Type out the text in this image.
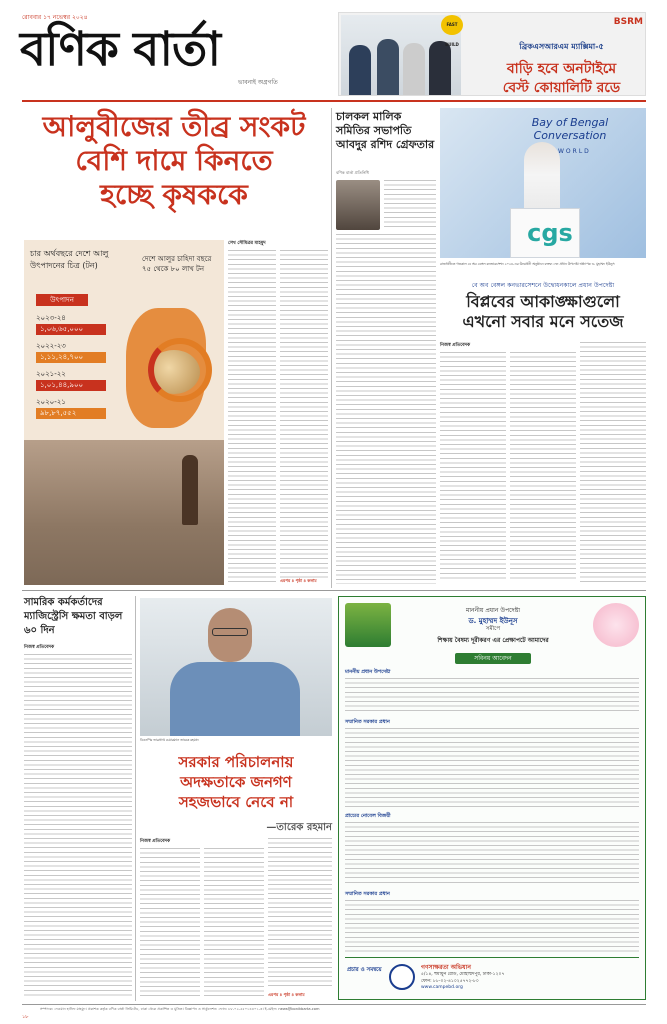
রোববার ১৭ নভেম্বর ২০২৪
বণিক বার্তা
ভাবনাই অগ্রগতি
FAST BUILD
BSRM
ব্রিকএসআরএম ম্যাক্সিমা-৫
বাড়ি হবে অনটাইমে
বেস্ট কোয়ালিটি রডে
আলুবীজের তীব্র সংকট
বেশি দামে কিনতে
হচ্ছে কৃষককে
চার অর্থবছরে দেশে আলু উৎপাদনের চিত্র (টন)
দেশে আলুর চাহিদা বছরে ৭৫ থেকে ৮০ লাখ টন
উৎপাদন
২০২৩-২৪
১,০৬,৬৫,০০০
২০২২-২৩
১,১১,২৪,৭০০
২০২১-২২
১,০১,৪৪,৯০০
২০২০-২১
৯৮,৮৭,৫৫২
সেখ সৌমিত্রর মাহমুদ
এরপর ৪ পৃষ্ঠা ৪ কলাম
চালকল মালিক সমিতির সভাপতি আবদুর রশিদ গ্রেফতার
বণিক বার্তা প্রতিনিধি
Bay of Bengal Conversation
WORLD
cgs
রাজধানীতে গতকাল বে অব বেঙ্গল কনভারসেশন ২০২৪-এর উদ্বোধনী অনুষ্ঠানে বক্তব্য দেন প্রধান উপদেষ্টা অধ্যাপক ড. মুহাম্মদ ইউনূস
বে অব বেঙ্গল কনভারসেশনে উদ্বোধনকালে প্রধান উপদেষ্টা
বিপ্লবের আকাঙ্ক্ষাগুলো
এখনো সবার মনে সতেজ
নিজস্ব প্রতিবেদক
সামরিক কর্মকর্তাদের ম্যাজিস্ট্রেসি ক্ষমতা বাড়ল ৬০ দিন
নিজস্ব প্রতিবেদক
বিএনপির ভারপ্রাপ্ত চেয়ারম্যান তারেক রহমান
সরকার পরিচালনায়
অদক্ষতাকে জনগণ
সহজভাবে নেবে না
—তারেক রহমান
নিজস্ব প্রতিবেদক
এরপর ৪ পৃষ্ঠা ৪ কলাম
মাননীয় প্রধান উপদেষ্টা
ড. মুহাম্মদ ইউনূস
সমীপে
শিক্ষায় বৈষম্য দূরীকরণ এর প্রেক্ষাপটে আমাদের
সবিনয় আবেদন
মাননীয় প্রধান উপদেষ্টা
সম্মানিত সরকার প্রধান
প্রাচ্যের নোবেল বিজয়ী
সম্মানিত সরকার প্রধান
প্রচার ও সমন্বয়ে	গণসাক্ষরতা অভিযান
৫/১৪, হুমায়ুন রোড, মোহাম্মদপুর, ঢাকা-১২০৭
ফোন: ৮৮-০২-৪১০২৫৭৭২-৮০
www.campebd.org
সম্পাদক: দেওয়ান হানিফ মাহমুদ। প্রকাশক কর্তৃক বণিক বার্তা লিমিটেড, ঢাকা থেকে প্রকাশিত ও মুদ্রিত। বিজ্ঞাপন ও সার্কুলেশন: ফোন: ৮৮-০২-৫৫০১৪৪০১-৩। ই-মেইল: news@bonikbarta.com
১৮
